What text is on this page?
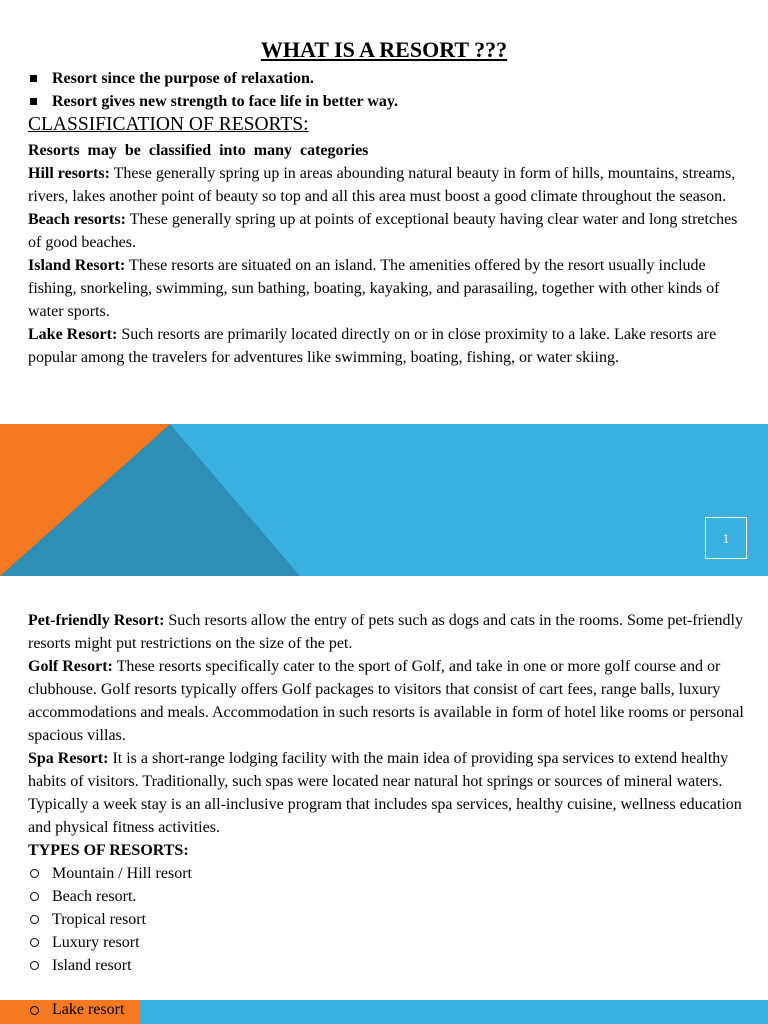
WHAT IS A RESORT ???
Resort since the purpose of relaxation.
Resort gives new strength to face life in better way.
CLASSIFICATION OF RESORTS:

Resorts may be classified into many categories

Hill resorts: These generally spring up in areas abounding natural beauty in form of hills, mountains, streams, rivers, lakes another point of beauty so top and all this area must boost a good climate throughout the season.

Beach resorts: These generally spring up at points of exceptional beauty having clear water and long stretches of good beaches.

Island Resort: These resorts are situated on an island. The amenities offered by the resort usually include fishing, snorkeling, swimming, sun bathing, boating, kayaking, and parasailing, together with other kinds of water sports.

Lake Resort: Such resorts are primarily located directly on or in close proximity to a lake. Lake resorts are popular among the travelers for adventures like swimming, boating, fishing, or water skiing.

1

Pet-friendly Resort: Such resorts allow the entry of pets such as dogs and cats in the rooms. Some pet-friendly resorts might put restrictions on the size of the pet.

Golf Resort: These resorts specifically cater to the sport of Golf, and take in one or more golf course and or clubhouse. Golf resorts typically offers Golf packages to visitors that consist of cart fees, range balls, luxury accommodations and meals. Accommodation in such resorts is available in form of hotel like rooms or personal spacious villas.

Spa Resort: It is a short-range lodging facility with the main idea of providing spa services to extend healthy habits of visitors. Traditionally, such spas were located near natural hot springs or sources of mineral waters. Typically a week stay is an all-inclusive program that includes spa services, healthy cuisine, wellness education and physical fitness activities.

TYPES OF RESORTS:

Mountain / Hill resort
Beach resort.
Tropical resort
Luxury resort
Island resort
Lake resort
